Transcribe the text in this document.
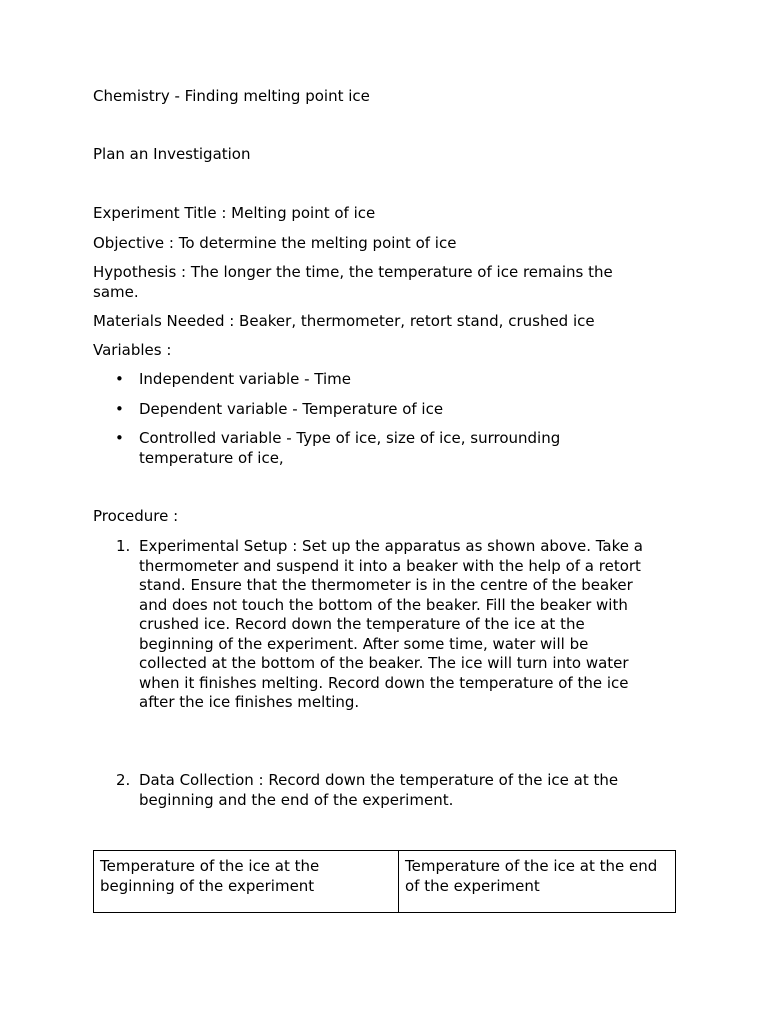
Chemistry - Finding melting point ice

Plan an Investigation

Experiment Title : Melting point of ice

Objective : To determine the melting point of ice

Hypothesis : The longer the time, the temperature of ice remains the same.

Materials Needed : Beaker, thermometer, retort stand, crushed ice

Variables :

• Independent variable - Time
• Dependent variable - Temperature of ice
• Controlled variable - Type of ice, size of ice, surrounding temperature of ice,

Procedure :

1. Experimental Setup : Set up the apparatus as shown above. Take a thermometer and suspend it into a beaker with the help of a retort stand. Ensure that the thermometer is in the centre of the beaker and does not touch the bottom of the beaker. Fill the beaker with crushed ice. Record down the temperature of the ice at the beginning of the experiment. After some time, water will be collected at the bottom of the beaker. The ice will turn into water when it finishes melting. Record down the temperature of the ice after the ice finishes melting.
2. Data Collection : Record down the temperature of the ice at the beginning and the end of the experiment.
Temperature of the ice at the beginning of the experiment	Temperature of the ice at the end of the experiment
